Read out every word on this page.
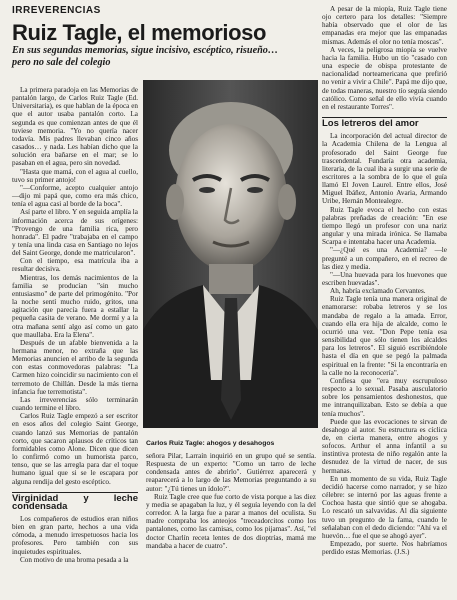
IRREVERENCIAS
Ruiz Tagle, el memorioso
En sus segundas memorias, sigue incisivo, escéptico, risueño… pero no sale del colegio

La primera paradoja en las Memorias de pantalón largo, de Carlos Ruiz Tagle (Ed. Universitaria), es que hablan de la época en que el autor usaba pantalón corto. La segunda es que comienzan antes de que él tuviese memoria. "Yo no quería nacer todavía. Mis padres llevaban cinco años casados… y nada. Les habían dicho que la solución era bañarse en el mar; se lo pasaban en el agua, pero sin novedad.

"Hasta que mamá, con el agua al cuello, tuvo su primer antojo!

"—Conforme, acepto cualquier antojo —dijo mi papá que, como era más chico, tenía el agua casi al borde de la boca".

Así parte el libro. Y en seguida amplía la información acerca de sus orígenes: "Provengo de una familia rica, pero honrada". El padre "trabajaba en el campo y tenía una linda casa en Santiago no lejos del Saint George, donde me matricularon".

Con el tiempo, esa matrícula iba a resultar decisiva.

Mientras, los demás nacimientos de la familia se producían "sin mucho entusiasmo" de parte del primogénito. "Por la noche sentí mucho ruido, gritos, una agitación que parecía fuera a estallar la pequeña casita de verano. Me dormí y a la otra mañana sentí algo así como un gato que maullaba. Era la Elena".

Después de un afable bienvenida a la hermana menor, no extraña que las Memorias anuncien el arribo de la segunda con estas conmovedoras palabras: "La Carmen hizo coincidir su nacimiento con el terremoto de Chillán. Desde la más tierna infancia fue terremotista".

Las irreverencias sólo terminarán cuando termine el libro.

Carlos Ruiz Tagle empezó a ser escritor en esos años del colegio Saint George, cuando lanzó sus Memorias de pantalón corto, que sacaron aplausos de críticos tan formidables como Alone. Dicen que dicen lo confirmó como un humorista parco, tenso, que se las arregla para dar el toque humano igual que si se le escapara por alguna rendija del gesto escéptico.

Virginidad y leche condensada

Los compañeros de estudios eran niños bien en gran parte, hechos a una vida cómoda, a menudo irrespetuosos hacia los profesores. Pero también con sus inquietudes espirituales.

Con motivo de una broma pesada a la

Carlos Ruiz Tagle: ahogos y desahogos

señora Pilar, Larraín inquirió en un grupo qué se sentía. Respuesta de un experto: "Como un tarro de leche condensada antes de abrirlo". Gutiérrez aparecerá y reaparecerá a lo largo de las Memorias preguntando a su autor: "¿Tú tienes un ídolo?".

Ruiz Tagle cree que fue corto de vista porque a las diez y media se apagaban la luz, y él seguía leyendo con la del corredor. A la larga fue a parar a manos del oculista. Su madre compraba los anteojos "treceadorcitos como los pantalones, como las camisas, como los pijamas". Así, "el doctor Charlín receta lentes de dos dioptrías, mamá me mandaba a hacer de cuatro".

A pesar de la miopía, Ruiz Tagle tiene ojo certero para los detalles: "Siempre había observado que el olor de las empanadas era mejor que las empanadas mismas. Además el olor no tenía moscas".

A veces, la peligrosa miopía se vuelve hacia la familia. Hubo un tío "casado con una especie de obispa protestante de nacionalidad norteamericana que prefirió no venir a vivir a Chile". Papá me dijo que, de todas maneras, nuestro tío seguía siendo católico. Como señal de ello vivía cuando en el restaurante Torres".

Los letreros del amor

La incorporación del actual director de la Academia Chilena de la Lengua al profesorado del Saint George fue trascendental. Fundaría otra academia, literaria, de la cual iba a surgir una serie de escritores a la sombra de lo que el guía llamó El Joven Laurel. Entre ellos, José Miguel Ibáñez, Antonio Avaria, Armando Uribe, Hernán Montealegre.

Ruiz Tagle evoca el hecho con estas palabras preñadas de creación: "En ese tiempo llegó un profesor con una nariz angular y una mirada irónica. Se llamaba Scarpa e intentaba hacer una Academia.

"—¿Qué es una Academia? —le pregunté a un compañero, en el recreo de las diez y media.

"—Una huevada para los huevones que escriben huevadas".

Ah, habría exclamado Cervantes.

Ruiz Tagle tenía una manera original de enamorarse: robaba letreros y se los mandaba de regalo a la amada. Error, cuando ella era hija de alcalde, como le ocurrió una vez. "Don Pepe tenía esa sensibilidad que sólo tienen los alcaldes para los letreros". El siguió escribiéndole hasta el día en que se pegó la palmada espiritual en la frente: "Si la encontraría en la calle no la reconocería".

Confiesa que "era muy escrupuloso respecto a lo sexual. Pasaba ausculatorio sobre los pensamientos deshonestos, que me intranquilizaban. Esto se debía a que tenía muchos".

Puede que las evocaciones te sirvan de desahogo al autor. Su estructura es cíclica de, en cierta manera, entre ahogos y sofocos. Arthur el anna infantil a su instintiva protesta de niño regalón ante la desnudez de la virtud de nacer, de sus hermanas.

En un momento de su vida, Ruiz Tagle decidió hacerse como narrador, y se hizo célebre: se internó por las aguas frente a Cochoa hasta que sintió que se ahogaba. Lo rescató un salvavidas. Al día siguiente tuvo un pregunto de la fama, cuando le señalaban con el dedo diciendo: "Ahí va el huevón… fue el que se ahogó ayer".

Empezado, por suerte. Nos habríamos perdido estas Memorias. (J.S.)
